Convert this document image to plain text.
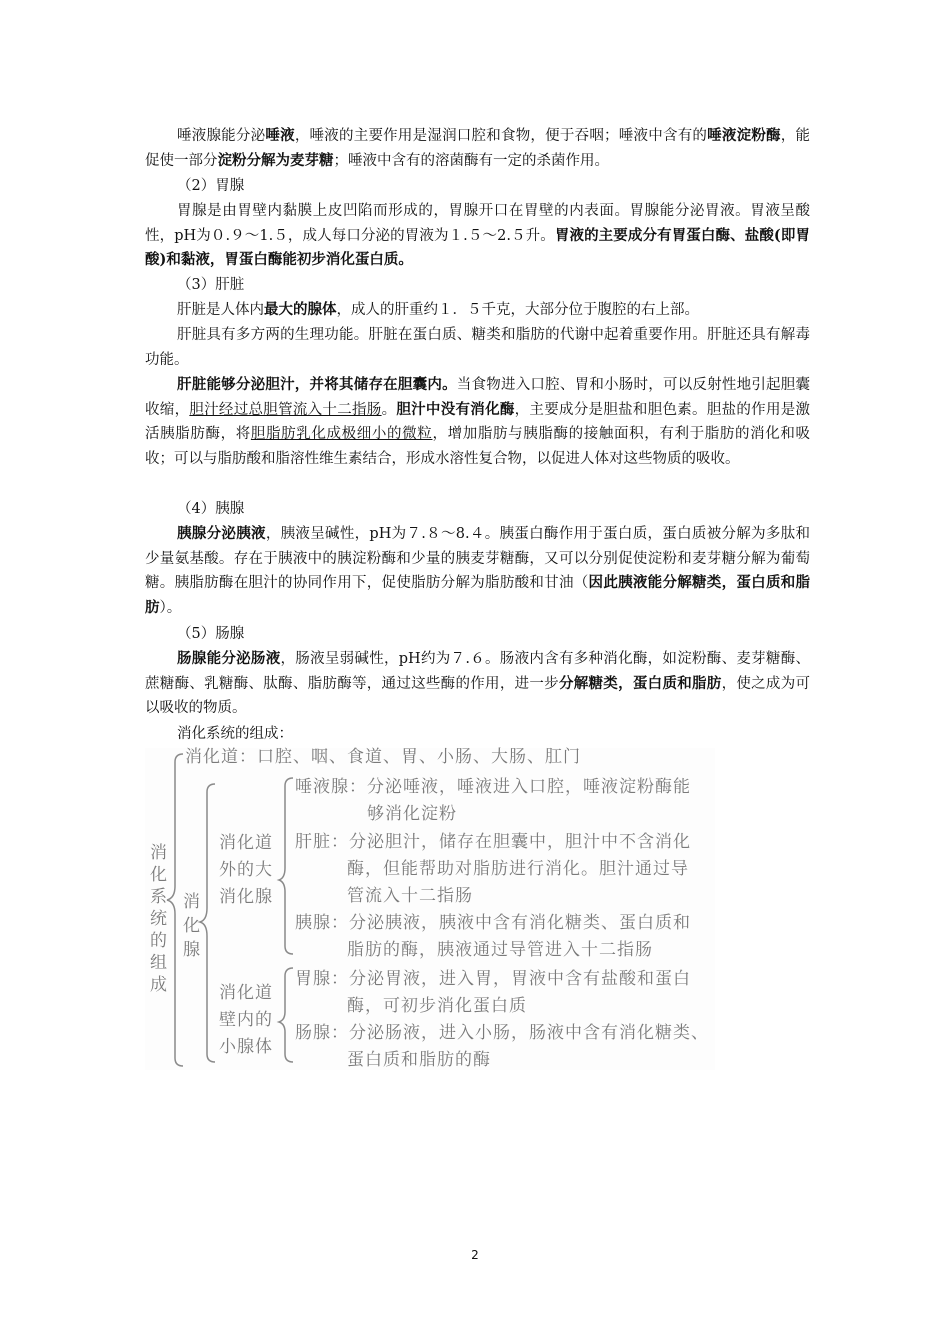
唾液腺能分泌唾液，唾液的主要作用是湿润口腔和食物，便于吞咽；唾液中含有的唾液淀粉酶，能促使一部分淀粉分解为麦芽糖；唾液中含有的溶菌酶有一定的杀菌作用。

（2）胃腺

胃腺是由胃壁内黏膜上皮凹陷而形成的，胃腺开口在胃壁的内表面。胃腺能分泌胃液。胃液呈酸性，pH为０.９～1.５，成人每口分泌的胃液为１.５～2.５升。胃液的主要成分有胃蛋白酶、盐酸(即胃酸)和黏液，胃蛋白酶能初步消化蛋白质。

（3）肝脏

肝脏是人体内最大的腺体，成人的肝重约１．５千克，大部分位于腹腔的右上部。

肝脏具有多方两的生理功能。肝脏在蛋白质、糖类和脂肪的代谢中起着重要作用。肝脏还具有解毒功能。

肝脏能够分泌胆汁，并将其储存在胆囊内。当食物进入口腔、胃和小肠时，可以反射性地引起胆囊收缩，胆汁经过总胆管流入十二指肠。胆汁中没有消化酶，主要成分是胆盐和胆色素。胆盐的作用是激活胰脂肪酶，将胆脂肪乳化成极细小的微粒，增加脂肪与胰脂酶的接触面积，有利于脂肪的消化和吸收；可以与脂肪酸和脂溶性维生素结合，形成水溶性复合物，以促进人体对这些物质的吸收。

（4）胰腺

胰腺分泌胰液，胰液呈碱性，pH为７.８～8.４。胰蛋白酶作用于蛋白质，蛋白质被分解为多肽和少量氨基酸。存在于胰液中的胰淀粉酶和少量的胰麦芽糖酶，又可以分别促使淀粉和麦芽糖分解为葡萄糖。胰脂肪酶在胆汁的协同作用下，促使脂肪分解为脂肪酸和甘油（因此胰液能分解糖类，蛋白质和脂肪）。

（5）肠腺

肠腺能分泌肠液，肠液呈弱碱性，pH约为７.６。肠液内含有多种消化酶，如淀粉酶、麦芽糖酶、蔗糖酶、乳糖酶、肽酶、脂肪酶等，通过这些酶的作用，进一步分解糖类，蛋白质和脂肪，使之成为可以吸收的物质。

消化系统的组成：

消化系统的组成
消化道：口腔、咽、食道、胃、小肠、大肠、肛门
消化腺
消化道
外的大
消化腺
消化道
壁内的
小腺体
唾液腺：分泌唾液，唾液进入口腔，唾液淀粉酶能
够消化淀粉
肝脏：分泌胆汁，储存在胆囊中，胆汁中不含消化
酶，但能帮助对脂肪进行消化。胆汁通过导
管流入十二指肠
胰腺：分泌胰液，胰液中含有消化糖类、蛋白质和
脂肪的酶，胰液通过导管进入十二指肠
胃腺：分泌胃液，进入胃，胃液中含有盐酸和蛋白
酶，可初步消化蛋白质
肠腺：分泌肠液，进入小肠，肠液中含有消化糖类、
蛋白质和脂肪的酶
2
